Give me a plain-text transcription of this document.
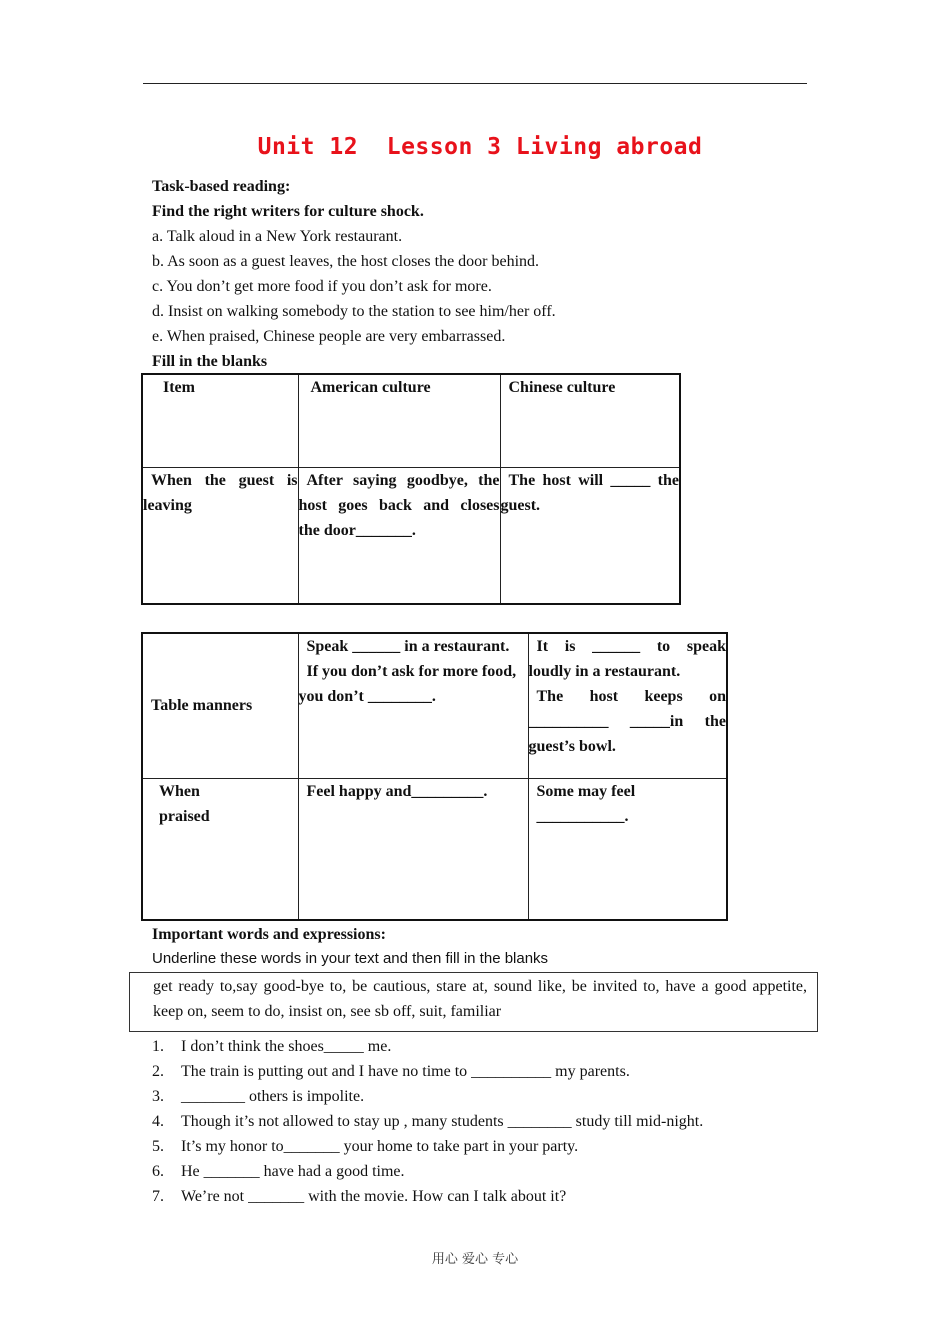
Unit 12  Lesson 3 Living abroad
Task-based reading:
Find the right writers for culture shock.
a. Talk aloud in a New York restaurant.
b. As soon as a guest leaves, the host closes the door behind.
c. You don’t get more food if you don’t ask for more.
d. Insist on walking somebody to the station to see him/her off.
e. When praised, Chinese people are very embarrassed.
Fill in the blanks
Item	American culture	Chinese culture

When the guest is
leaving	After saying goodbye, the
host goes back and closes
the door_______.	The host will _____ the
guest.
Table manners	Speak ______ in a restaurant.
If you don’t ask for more food,
you don’t ________.	It is ______ to speak
loudly in a restaurant.
The host keeps on
__________ _____in the
guest’s bowl.

When
praised	Feel happy and_________.	Some may feel
___________.
Important words and expressions:
Underline these words in your text and then fill in the blanks
get ready to,say good-bye to, be cautious, stare at, sound like, be invited to, have a good appetite, keep on, seem to do, insist on, see sb off, suit, familiar
1. I don’t think the shoes_____ me.
2. The train is putting out and I have no time to __________ my parents.
3. ________ others is impolite.
4. Though it’s not allowed to stay up , many students ________ study till mid-night.
5. It’s my honor to_______ your home to take part in your party.
6. He _______ have had a good time.
7. We’re not _______ with the movie. How can I talk about it?
用心 爱心 专心
